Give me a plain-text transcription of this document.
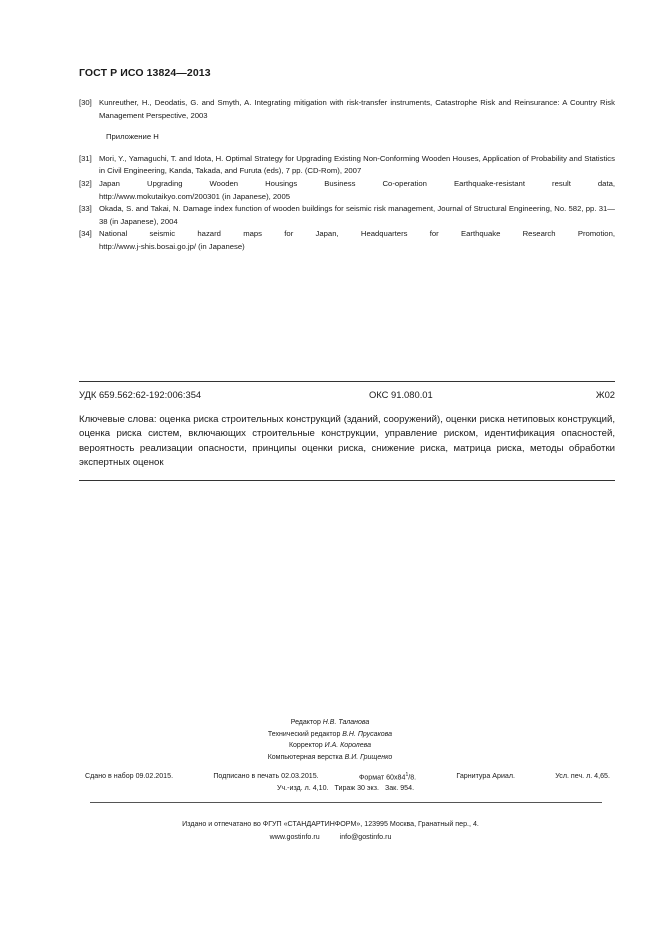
ГОСТ Р ИСО 13824—2013
[30] Kunreuther, H., Deodatis, G. and Smyth, A. Integrating mitigation with risk-transfer instruments, Catastrophe Risk and Reinsurance: A Country Risk Management Perspective, 2003
Приложение Н
[31] Mori, Y., Yamaguchi, T. and Idota, H. Optimal Strategy for Upgrading Existing Non-Conforming Wooden Houses, Application of Probability and Statistics in Civil Engineering, Kanda, Takada, and Furuta (eds), 7 pp. (CD-Rom), 2007
[32] Japan Upgrading Wooden Housings Business Co-operation Earthquake-resistant result data,
http://www.mokutaikyo.com/200301 (in Japanese), 2005
[33] Okada, S. and Takai, N. Damage index function of wooden buildings for seismic risk management, Journal of Structural Engineering, No. 582, pp. 31—38 (in Japanese), 2004
[34] National seismic hazard maps for Japan, Headquarters for Earthquake Research Promotion,
http://www.j-shis.bosai.go.jp/ (in Japanese)
УДК 659.562:62-192:006:354	ОКС 91.080.01	Ж02
Ключевые слова: оценка риска строительных конструкций (зданий, сооружений), оценки риска нетиповых конструкций, оценка риска систем, включающих строительные конструкции, управление риском, идентификация опасностей, вероятность реализации опасности, принципы оценки риска, снижение риска, матрица риска, методы обработки экспертных оценок
Редактор Н.В. Таланова
Технический редактор В.Н. Прусакова
Корректор И.А. Королева
Компьютерная верстка В.И. Грищенко
Сдано в набор 09.02.2015.	Подписано в печать 02.03.2015.	Формат $60x84^1/8$.	Гарнитура Ариал.	Усл. печ. л. 4,65.
Уч.-изд. л. 4,10. Тираж 30 экз. Зак. 954.
Издано и отпечатано во ФГУП «СТАНДАРТИНФОРМ», 123995 Москва, Гранатный пер., 4.
www.gostinfo.ru	info@gostinfo.ru
